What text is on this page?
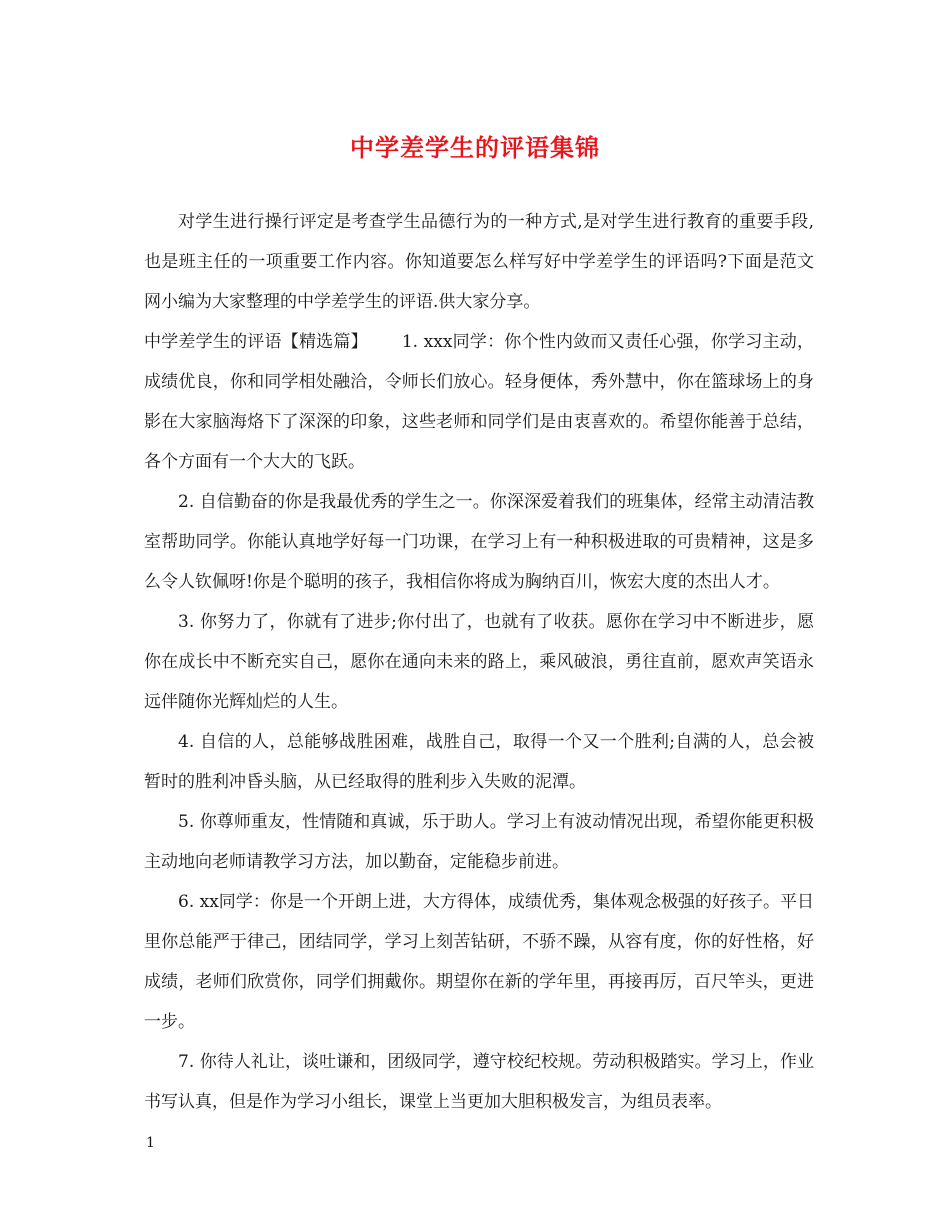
中学差学生的评语集锦

对学生进行操行评定是考查学生品德行为的一种方式,是对学生进行教育的重要手段,也是班主任的一项重要工作内容。你知道要怎么样写好中学差学生的评语吗?下面是范文网小编为大家整理的中学差学生的评语.供大家分享。

中学差学生的评语【精选篇】 1. xxx同学：你个性内敛而又责任心强，你学习主动，成绩优良，你和同学相处融洽，令师长们放心。轻身便体，秀外慧中，你在篮球场上的身影在大家脑海烙下了深深的印象，这些老师和同学们是由衷喜欢的。希望你能善于总结，各个方面有一个大大的飞跃。

2. 自信勤奋的你是我最优秀的学生之一。你深深爱着我们的班集体，经常主动清洁教室帮助同学。你能认真地学好每一门功课，在学习上有一种积极进取的可贵精神，这是多么令人钦佩呀!你是个聪明的孩子，我相信你将成为胸纳百川，恢宏大度的杰出人才。

3. 你努力了，你就有了进步;你付出了，也就有了收获。愿你在学习中不断进步，愿你在成长中不断充实自己，愿你在通向未来的路上，乘风破浪，勇往直前，愿欢声笑语永远伴随你光辉灿烂的人生。

4. 自信的人，总能够战胜困难，战胜自己，取得一个又一个胜利;自满的人，总会被暂时的胜利冲昏头脑，从已经取得的胜利步入失败的泥潭。

5. 你尊师重友，性情随和真诚，乐于助人。学习上有波动情况出现，希望你能更积极主动地向老师请教学习方法，加以勤奋，定能稳步前进。

6. xx同学：你是一个开朗上进，大方得体，成绩优秀，集体观念极强的好孩子。平日里你总能严于律己，团结同学，学习上刻苦钻研，不骄不躁，从容有度，你的好性格，好成绩，老师们欣赏你，同学们拥戴你。期望你在新的学年里，再接再厉，百尺竿头，更进一步。

7. 你待人礼让，谈吐谦和，团级同学，遵守校纪校规。劳动积极踏实。学习上，作业书写认真，但是作为学习小组长，课堂上当更加大胆积极发言，为组员表率。

1
